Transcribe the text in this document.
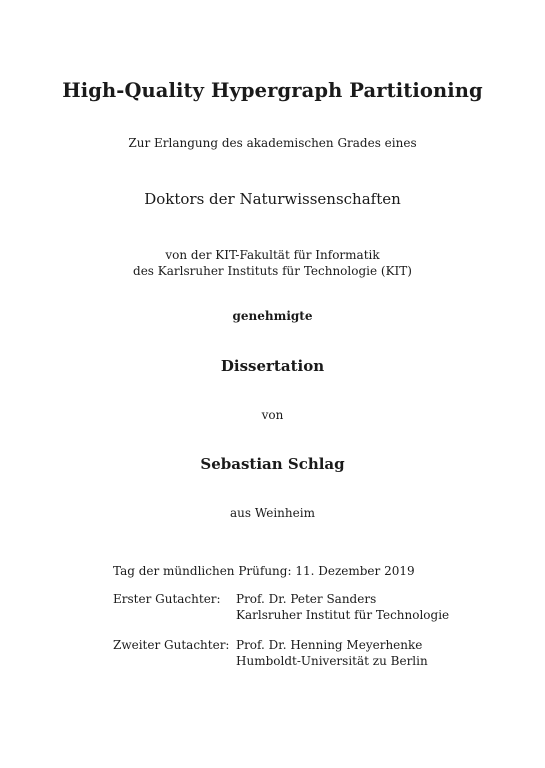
High-Quality Hypergraph Partitioning
Zur Erlangung des akademischen Grades eines
Doktors der Naturwissenschaften
von der KIT-Fakultät für Informatik
des Karlsruher Instituts für Technologie (KIT)
genehmigte
Dissertation
von
Sebastian Schlag
aus Weinheim
Tag der mündlichen Prüfung: 11. Dezember 2019
Erster Gutachter: Prof. Dr. Peter Sanders
Karlsruher Institut für Technologie
Zweiter Gutachter: Prof. Dr. Henning Meyerhenke
Humboldt-Universität zu Berlin
